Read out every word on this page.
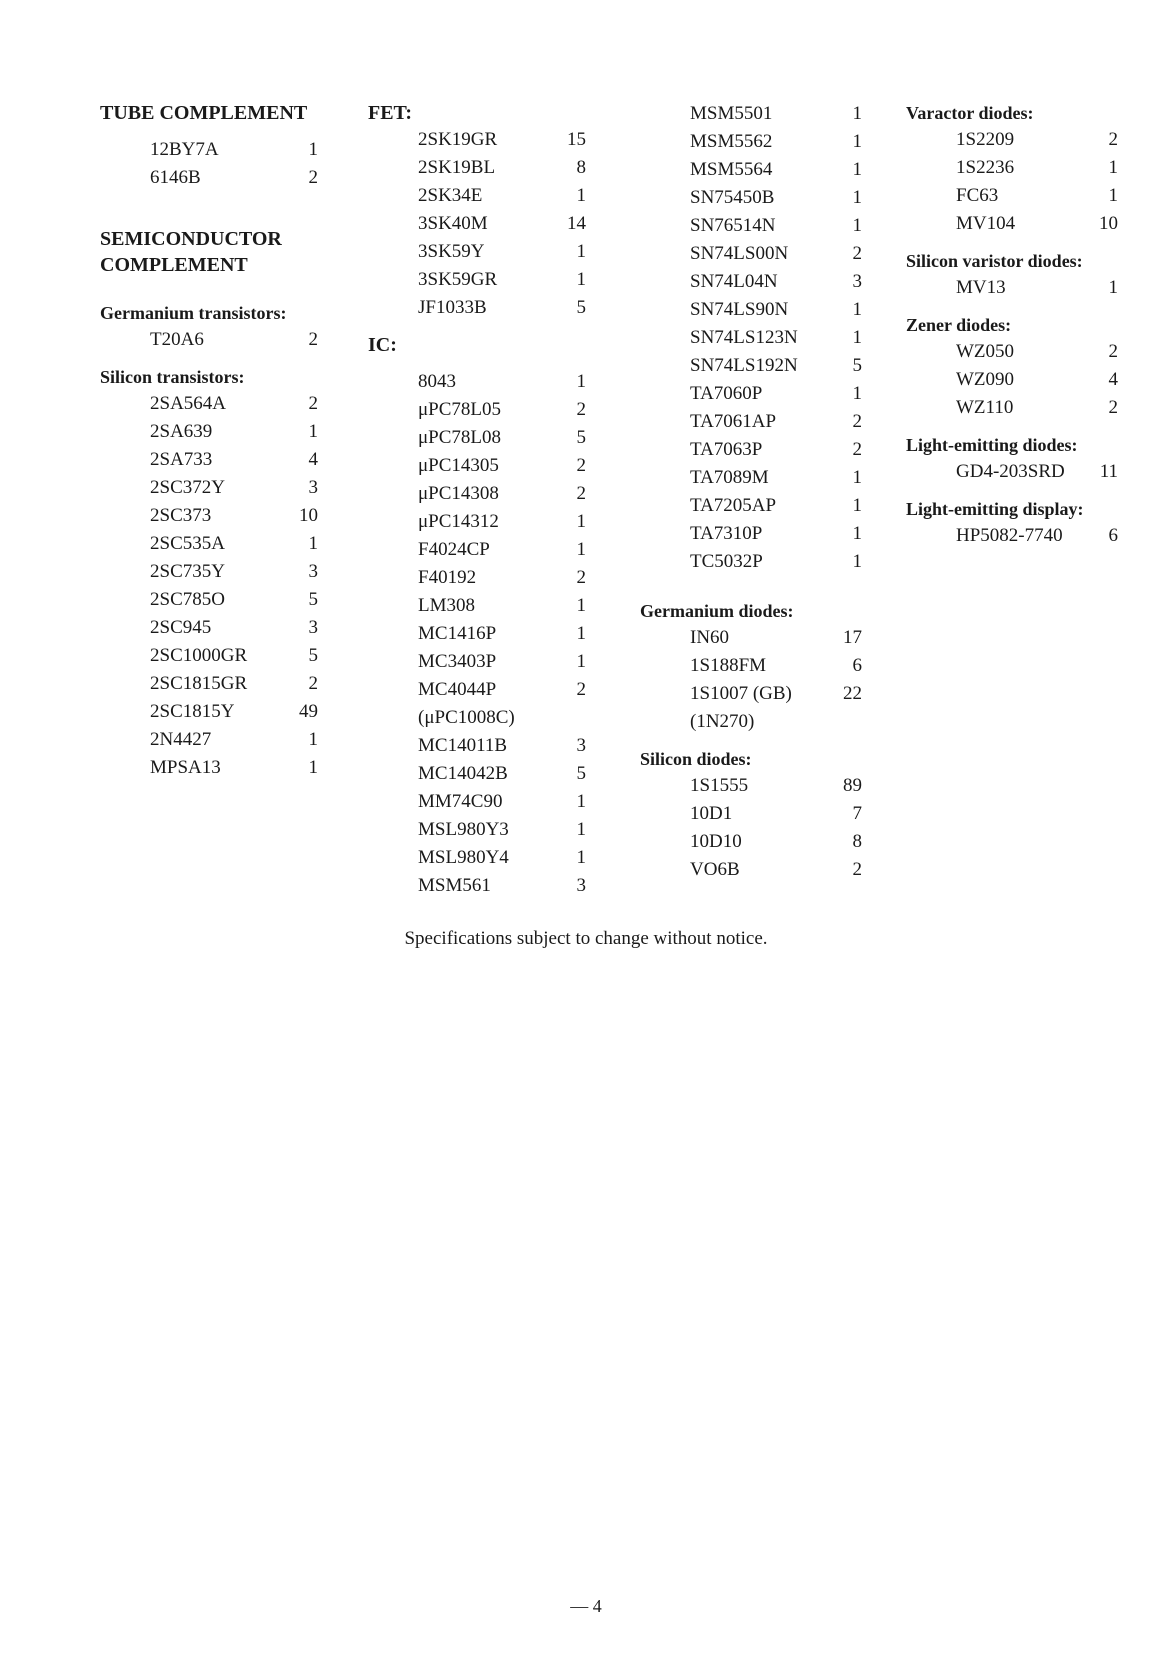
TUBE COMPLEMENT
12BY7A	1
6146B	2
SEMICONDUCTOR
COMPLEMENT
Germanium transistors:
T20A6	2
Silicon transistors:
2SA564A	2
2SA639	1
2SA733	4
2SC372Y	3
2SC373	10
2SC535A	1
2SC735Y	3
2SC785O	5
2SC945	3
2SC1000GR	5
2SC1815GR	2
2SC1815Y	49
2N4427	1
MPSA13	1
FET:
2SK19GR	15
2SK19BL	8
2SK34E	1
3SK40M	14
3SK59Y	1
3SK59GR	1
JF1033B	5
IC:
8043	1
μPC78L05	2
μPC78L08	5
μPC14305	2
μPC14308	2
μPC14312	1
F4024CP	1
F40192	2
LM308	1
MC1416P	1
MC3403P	1
MC4044P	2
(μPC1008C)
MC14011B	3
MC14042B	5
MM74C90	1
MSL980Y3	1
MSL980Y4	1
MSM561	3
MSM5501	1
MSM5562	1
MSM5564	1
SN75450B	1
SN76514N	1
SN74LS00N	2
SN74L04N	3
SN74LS90N	1
SN74LS123N	1
SN74LS192N	5
TA7060P	1
TA7061AP	2
TA7063P	2
TA7089M	1
TA7205AP	1
TA7310P	1
TC5032P	1
Germanium diodes:
IN60	17
1S188FM	6
1S1007 (GB)	22
(1N270)
Silicon diodes:
1S1555	89
10D1	7
10D10	8
VO6B	2
Varactor diodes:
1S2209	2
1S2236	1
FC63	1
MV104	10
Silicon varistor diodes:
MV13	1
Zener diodes:
WZ050	2
WZ090	4
WZ110	2
Light-emitting diodes:
GD4-203SRD 11
Light-emitting display:
HP5082-7740 6
Specifications subject to change without notice.
— 4
